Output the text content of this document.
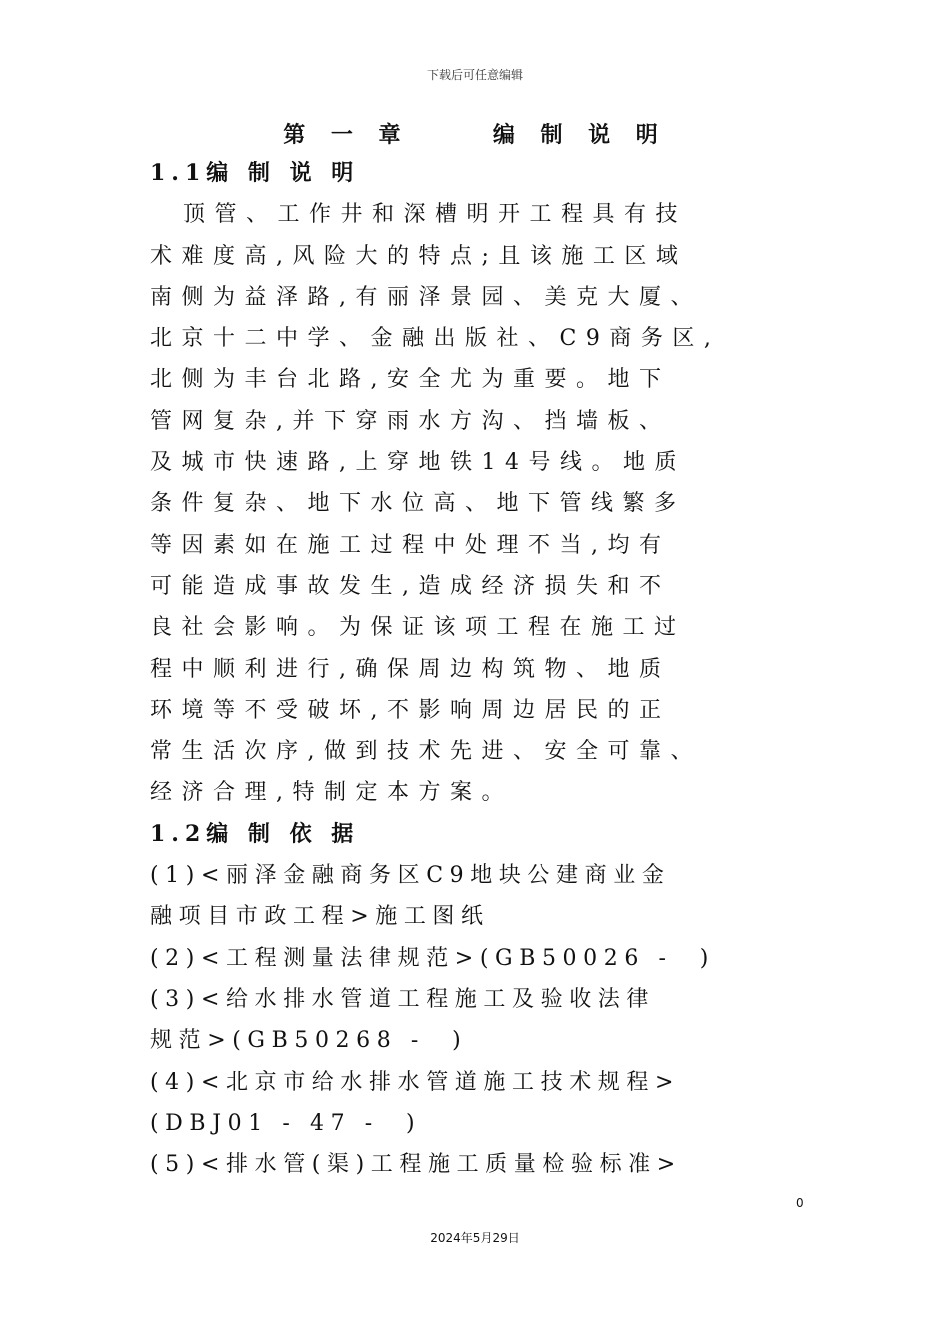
下载后可任意编辑
第 一 章     编 制 说 明
1.1编 制 说 明
顶管、工作井和深槽明开工程具有技
术难度高,风险大的特点;且该施工区域
南侧为益泽路,有丽泽景园、美克大厦、
北京十二中学、金融出版社、C9商务区,
北侧为丰台北路,安全尤为重要。地下
管网复杂,并下穿雨水方沟、挡墙板、
及城市快速路,上穿地铁14号线。地质
条件复杂、地下水位高、地下管线繁多
等因素如在施工过程中处理不当,均有
可能造成事故发生,造成经济损失和不
良社会影响。为保证该项工程在施工过
程中顺利进行,确保周边构筑物、地质
环境等不受破坏,不影响周边居民的正
常生活次序,做到技术先进、安全可靠、
经济合理,特制定本方案。
1.2编 制 依 据
(1)<丽泽金融商务区C9地块公建商业金
融项目市政工程>施工图纸
(2)<工程测量法律规范>(GB50026 -  )
(3)<给水排水管道工程施工及验收法律
规范>(GB50268 -  )
(4)<北京市给水排水管道施工技术规程>
(DBJ01 - 47 -  )
(5)<排水管(渠)工程施工质量检验标准>
0
2024年5月29日
